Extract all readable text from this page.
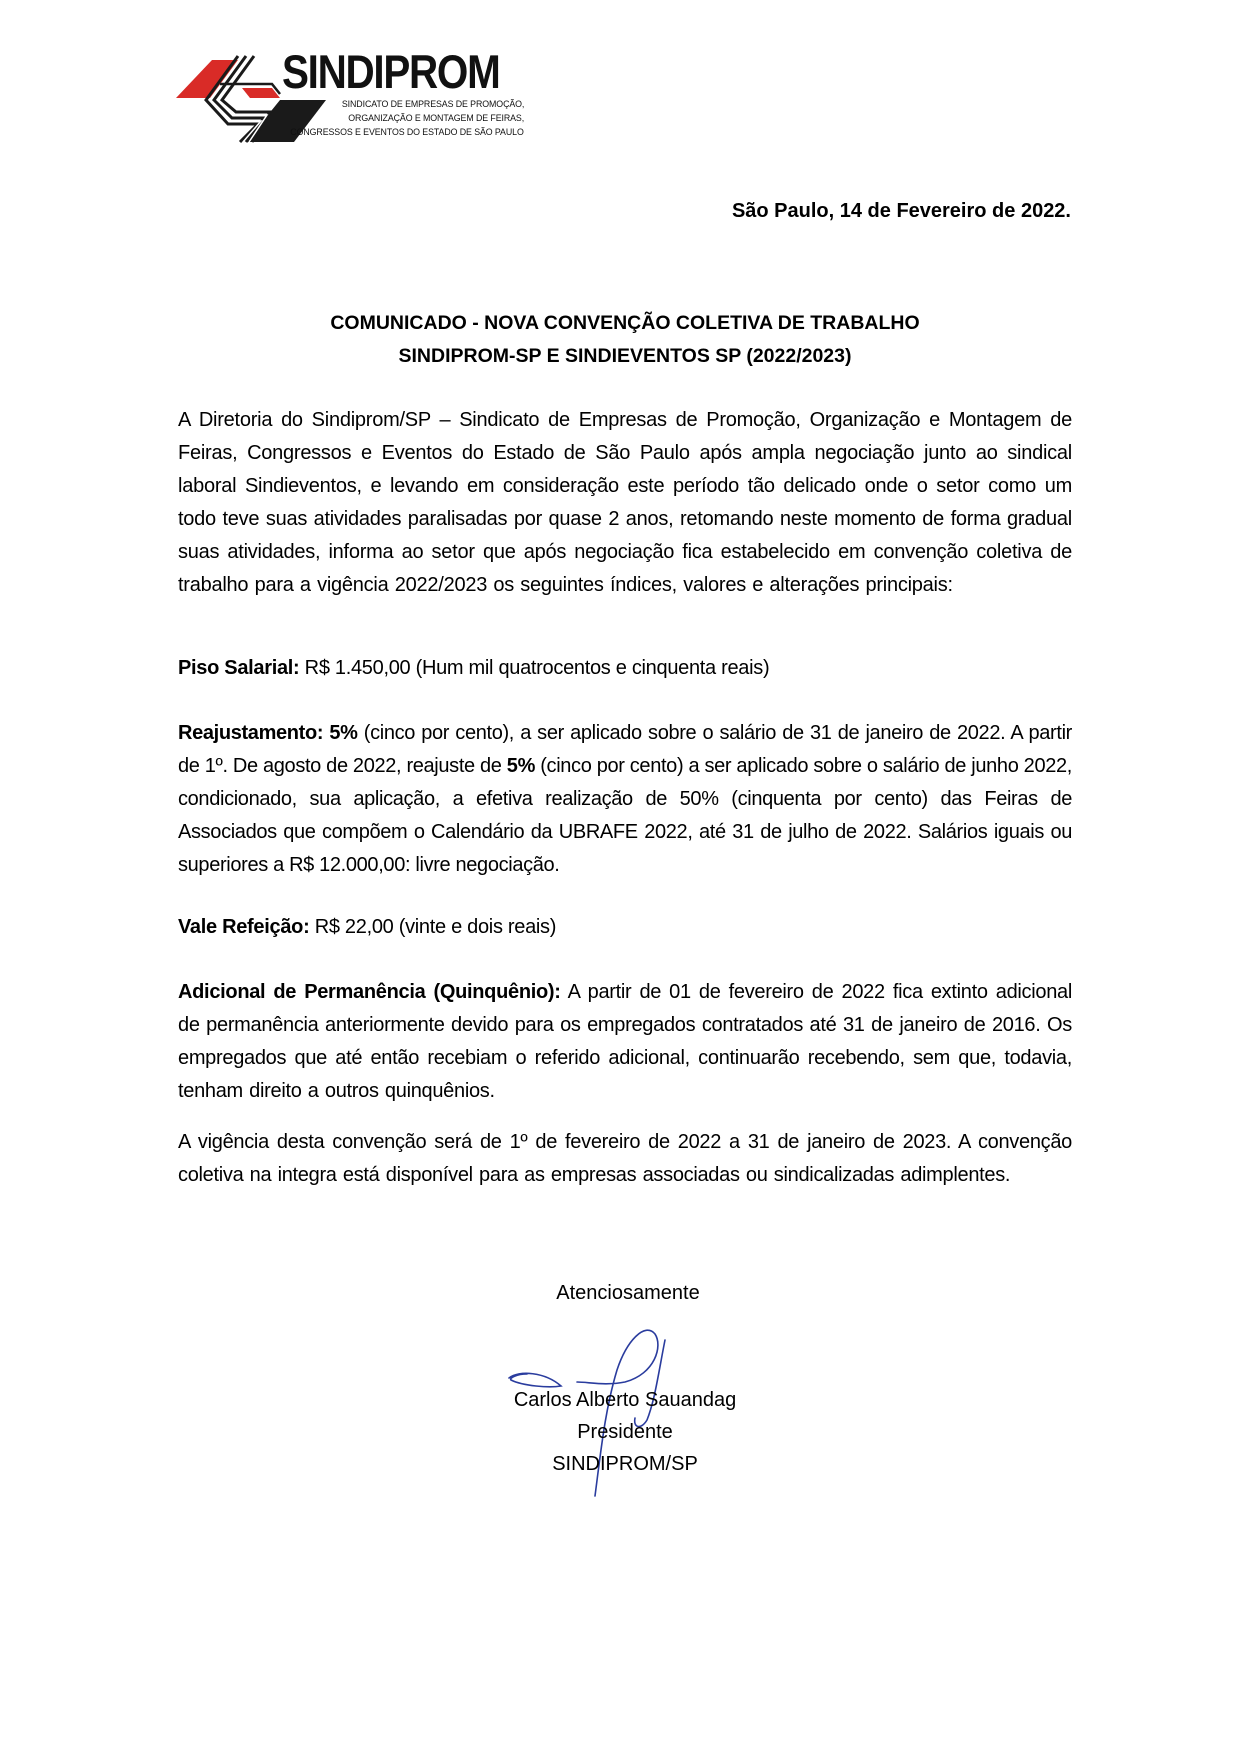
SINDIPROM
SINDICATO DE EMPRESAS DE PROMOÇÃO,
ORGANIZAÇÃO E MONTAGEM DE FEIRAS,
CONGRESSOS E EVENTOS DO ESTADO DE SÃO PAULO
São Paulo, 14 de Fevereiro de 2022.
COMUNICADO - NOVA CONVENÇÃO COLETIVA DE TRABALHO
SINDIPROM-SP E SINDIEVENTOS SP (2022/2023)

A Diretoria do Sindiprom/SP – Sindicato de Empresas de Promoção, Organização e Montagem de Feiras, Congressos e Eventos do Estado de São Paulo após ampla negociação junto ao sindical laboral Sindieventos, e levando em consideração este período tão delicado onde o setor como um todo teve suas atividades paralisadas por quase 2 anos, retomando neste momento de forma gradual suas atividades, informa ao setor que após negociação fica estabelecido em convenção coletiva de trabalho para a vigência 2022/2023 os seguintes índices, valores e alterações principais:

Piso Salarial: R$ 1.450,00 (Hum mil quatrocentos e cinquenta reais)

Reajustamento: 5% (cinco por cento), a ser aplicado sobre o salário de 31 de janeiro de 2022. A partir de 1º. De agosto de 2022, reajuste de 5% (cinco por cento) a ser aplicado sobre o salário de junho 2022, condicionado, sua aplicação, a efetiva realização de 50% (cinquenta por cento) das Feiras de Associados que compõem o Calendário da UBRAFE 2022, até 31 de julho de 2022. Salários iguais ou superiores a R$ 12.000,00: livre negociação.

Vale Refeição: R$ 22,00 (vinte e dois reais)

Adicional de Permanência (Quinquênio): A partir de 01 de fevereiro de 2022 fica extinto adicional de permanência anteriormente devido para os empregados contratados até 31 de janeiro de 2016. Os empregados que até então recebiam o referido adicional, continuarão recebendo, sem que, todavia, tenham direito a outros quinquênios.

A vigência desta convenção será de 1º de fevereiro de 2022 a 31 de janeiro de 2023. A convenção coletiva na integra está disponível para as empresas associadas ou sindicalizadas adimplentes.

Atenciosamente
Carlos Alberto Sauandag
Presidente
SINDIPROM/SP
